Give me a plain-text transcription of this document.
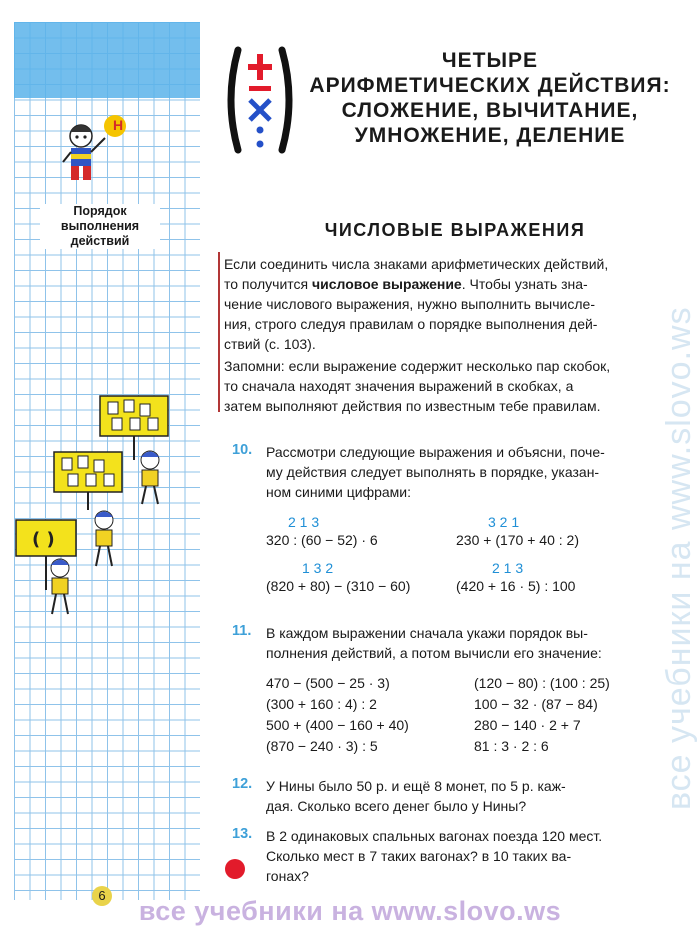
Н
Порядок
выполнения
действий
( )
ЧЕТЫРЕ
АРИФМЕТИЧЕСКИХ ДЕЙСТВИЯ:
СЛОЖЕНИЕ, ВЫЧИТАНИЕ,
УМНОЖЕНИЕ, ДЕЛЕНИЕ
ЧИСЛОВЫЕ ВЫРАЖЕНИЯ
Если соединить числа знаками арифметических действий,
то получится числовое выражение. Чтобы узнать зна-
чение числового выражения, нужно выполнить вычисле-
ния, строго следуя правилам о порядке выполнения дей-
ствий (с. 103).
Запомни: если выражение содержит несколько пар скобок,
то сначала находят значения выражений в скобках, а
затем выполняют действия по известным тебе правилам.
10. Рассмотри следующие выражения и объясни, поче-
му действия следует выполнять в порядке, указан-
ном синими цифрами:
2 1 3
320 : (60 − 52) · 6
3 2 1
230 + (170 + 40 : 2)
1 3 2
(820 + 80) − (310 − 60)
2 1 3
(420 + 16 · 5) : 100
11. В каждом выражении сначала укажи порядок вы-
полнения действий, а потом вычисли его значение:
470 − (500 − 25 · 3)
(300 + 160 : 4) : 2
500 + (400 − 160 + 40)
(870 − 240 · 3) : 5
(120 − 80) : (100 : 25)
100 − 32 · (87 − 84)
280 − 140 · 2 + 7
81 : 3 · 2 : 6
12. У Нины было 50 р. и ещё 8 монет, по 5 р. каж-
дая. Сколько всего денег было у Нины?
13. В 2 одинаковых спальных вагонах поезда 120 мест.
Сколько мест в 7 таких вагонах? в 10 таких ва-
гонах?
6
все учебники на www.slovo.ws
все учебники на www.slovo.ws
